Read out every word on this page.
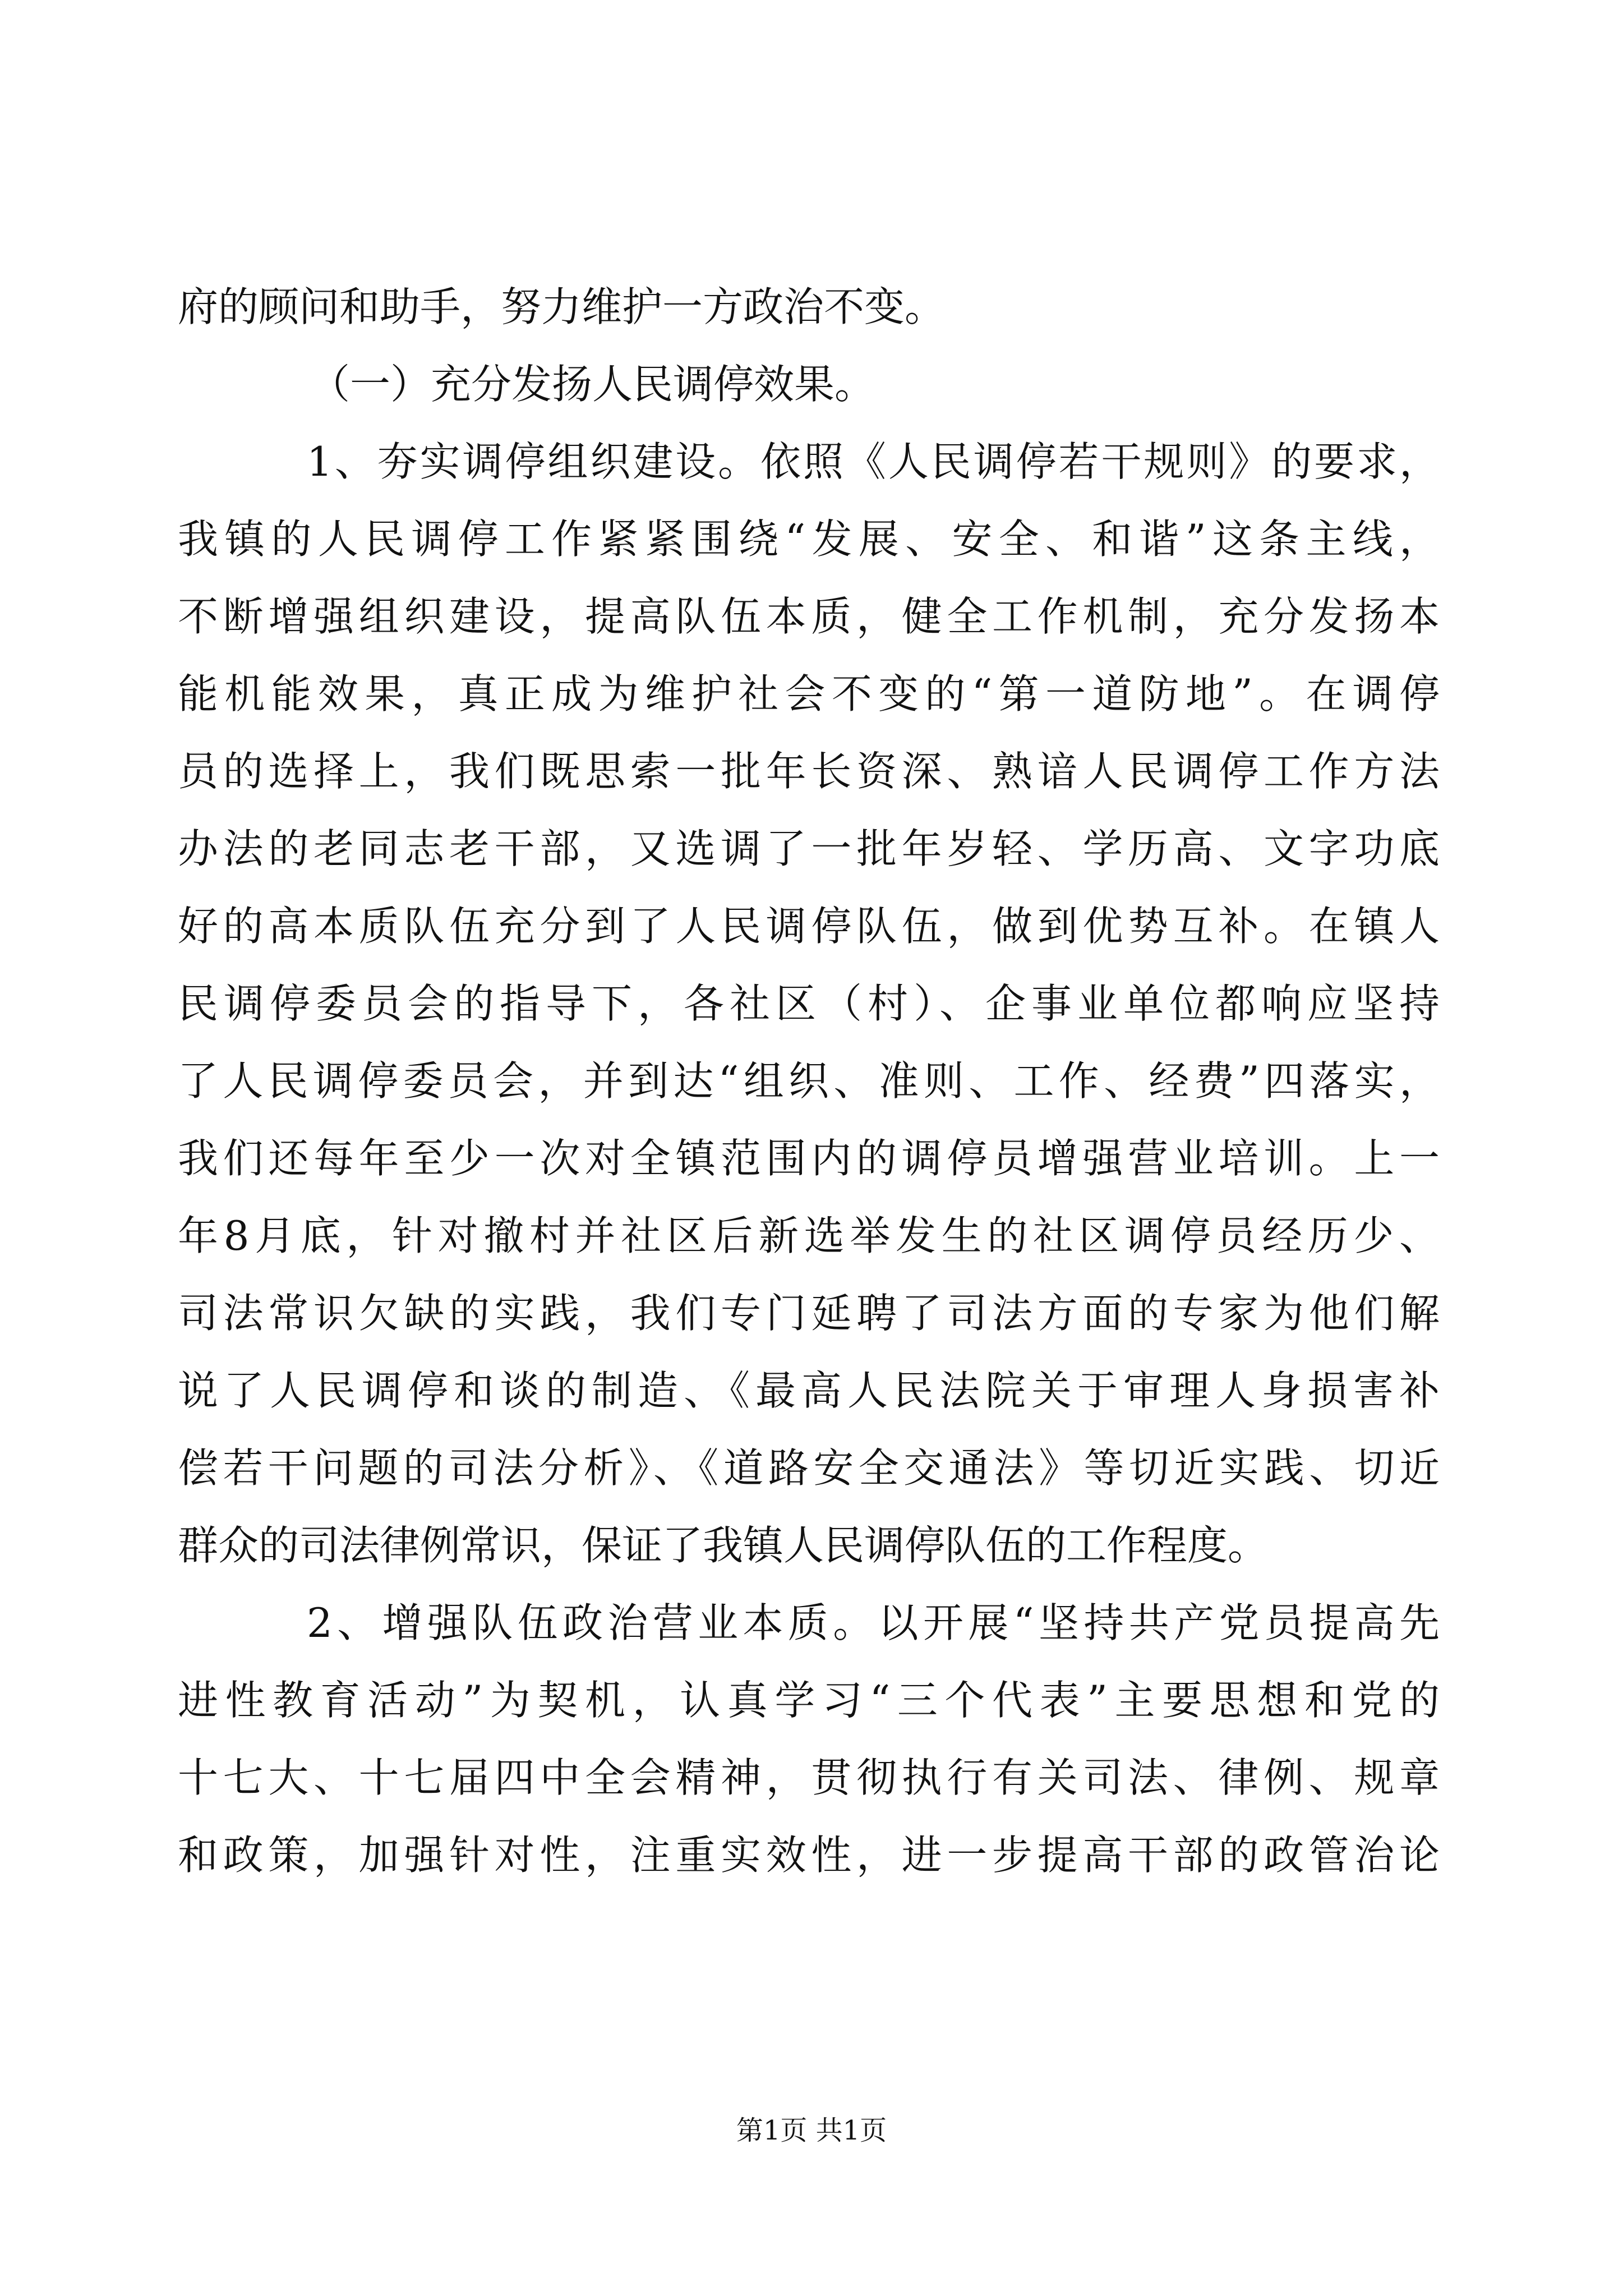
府的顾问和助手，努力维护一方政治不变。
（一）充分发扬人民调停效果。
1、夯实调停组织建设。依照《人民调停若干规则》的要求，
我镇的人民调停工作紧紧围绕“发展、安全、和谐”这条主线，
不断增强组织建设，提高队伍本质，健全工作机制，充分发扬本
能机能效果，真正成为维护社会不变的“第一道防地”。在调停
员的选择上，我们既思索一批年长资深、熟谙人民调停工作方法
办法的老同志老干部，又选调了一批年岁轻、学历高、文字功底
好的高本质队伍充分到了人民调停队伍，做到优势互补。在镇人
民调停委员会的指导下，各社区（村）、企事业单位都响应坚持
了人民调停委员会，并到达“组织、准则、工作、经费”四落实，
我们还每年至少一次对全镇范围内的调停员增强营业培训。上一
年8月底，针对撤村并社区后新选举发生的社区调停员经历少、
司法常识欠缺的实践，我们专门延聘了司法方面的专家为他们解
说了人民调停和谈的制造、《最高人民法院关于审理人身损害补
偿若干问题的司法分析》、《道路安全交通法》等切近实践、切近
群众的司法律例常识，保证了我镇人民调停队伍的工作程度。
2、增强队伍政治营业本质。以开展“坚持共产党员提高先
进性教育活动”为契机，认真学习“三个代表”主要思想和党的
十七大、十七届四中全会精神，贯彻执行有关司法、律例、规章
和政策，加强针对性，注重实效性，进一步提高干部的政管治论
第1页 共1页
